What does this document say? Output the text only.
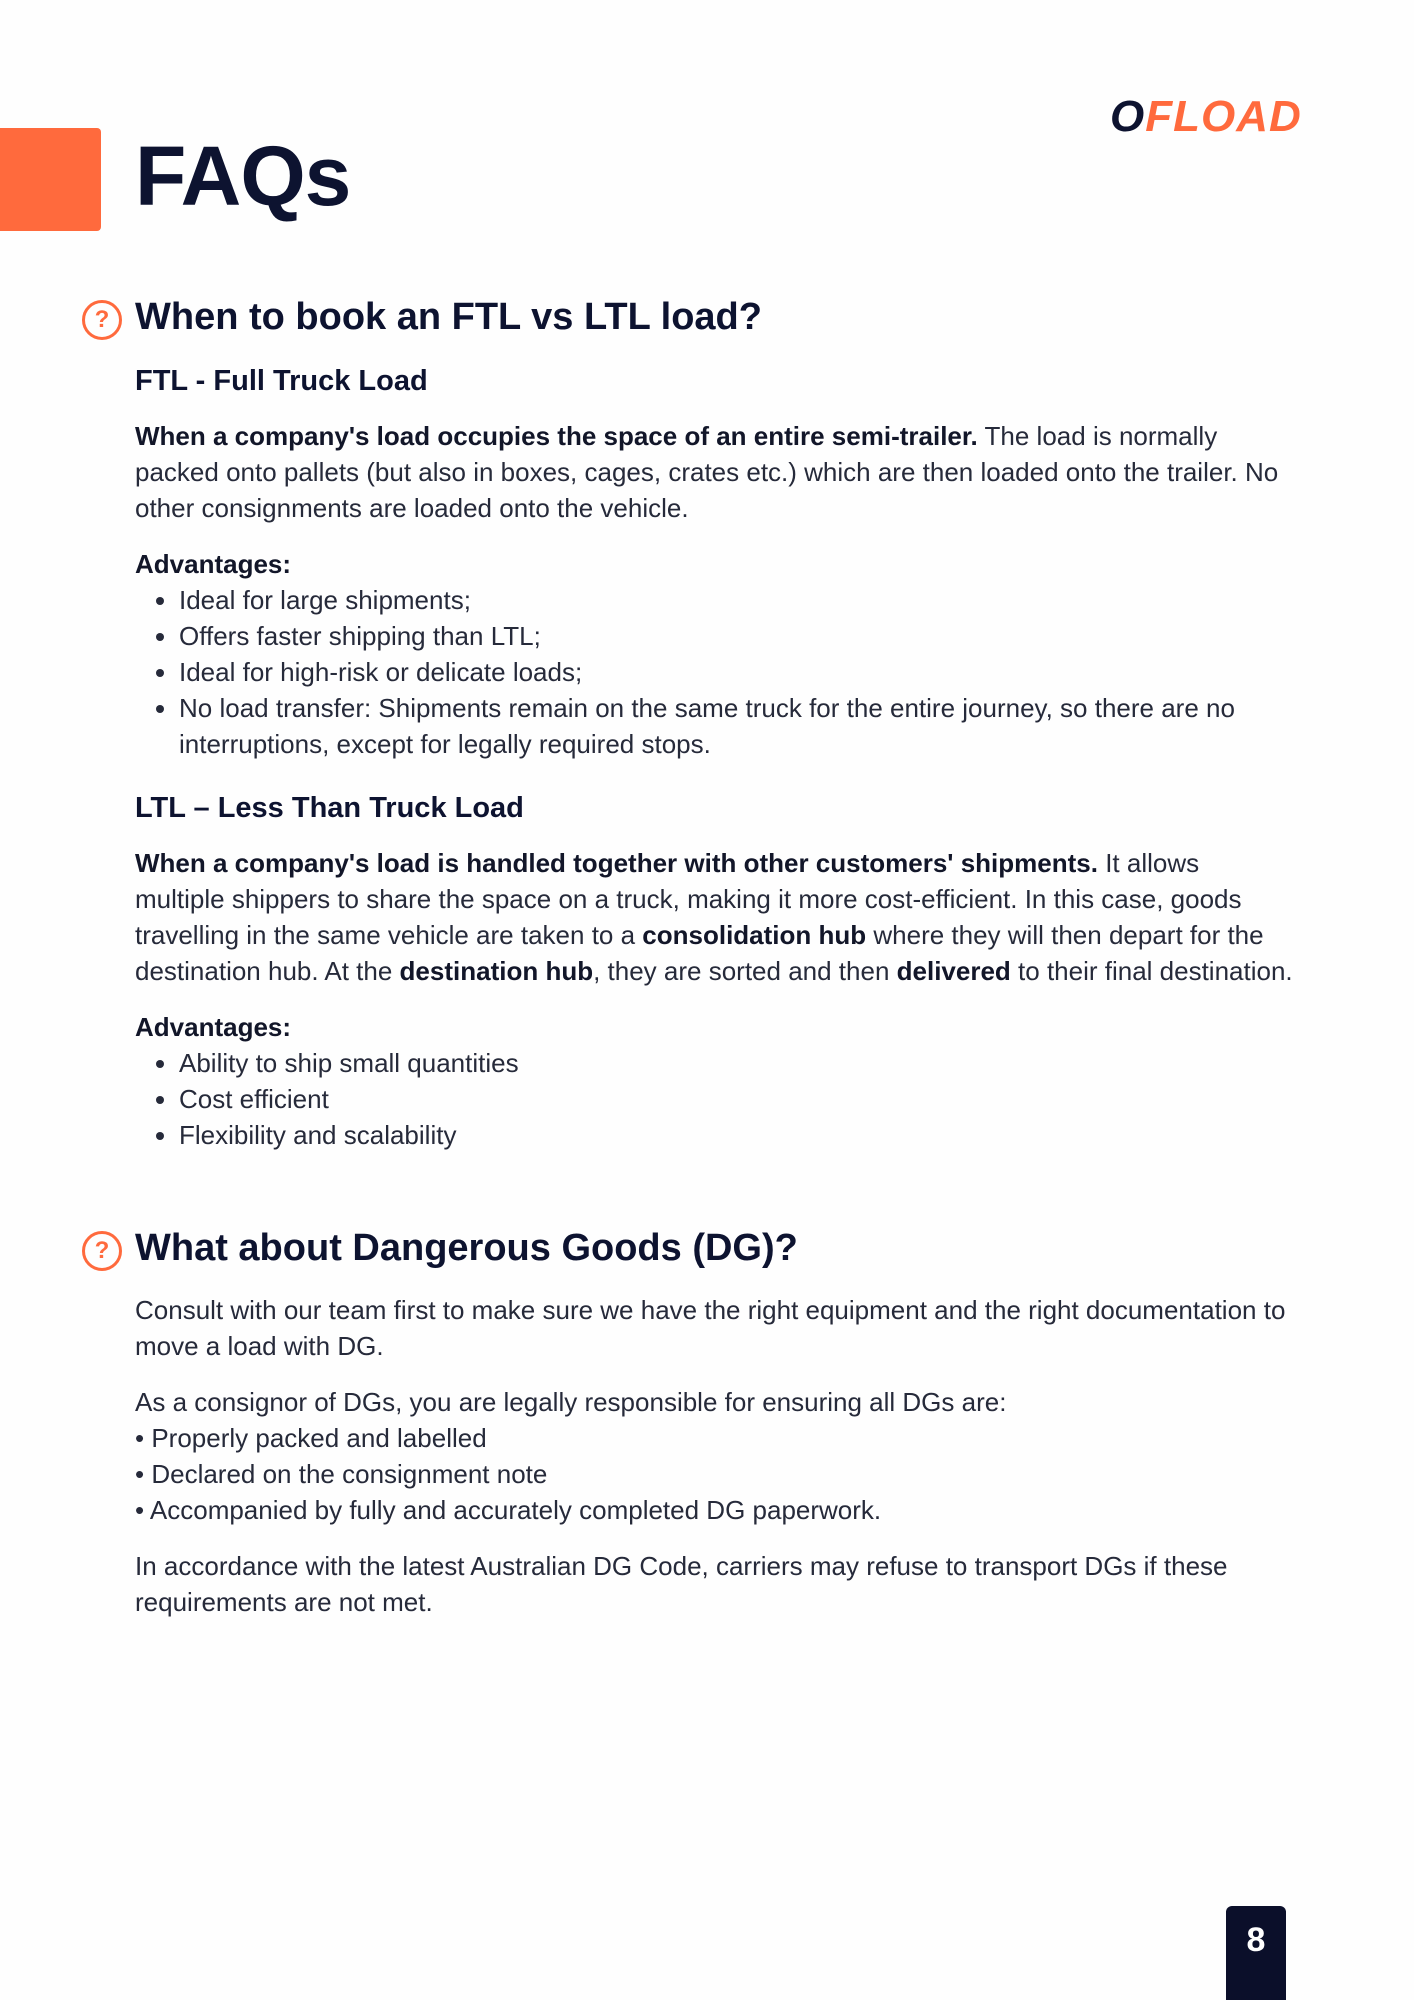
FAQs
OFLOAD
? When to book an FTL vs LTL load?
FTL - Full Truck Load

When a company's load occupies the space of an entire semi-trailer. The load is normally packed onto pallets (but also in boxes, cages, crates etc.) which are then loaded onto the trailer. No other consignments are loaded onto the vehicle.

Advantages:
• Ideal for large shipments;
• Offers faster shipping than LTL;
• Ideal for high-risk or delicate loads;
• No load transfer: Shipments remain on the same truck for the entire journey, so there are no interruptions, except for legally required stops.
LTL – Less Than Truck Load

When a company's load is handled together with other customers' shipments. It allows multiple shippers to share the space on a truck, making it more cost-efficient. In this case, goods travelling in the same vehicle are taken to a consolidation hub where they will then depart for the destination hub. At the destination hub, they are sorted and then delivered to their final destination.

Advantages:
• Ability to ship small quantities
• Cost efficient
• Flexibility and scalability
? What about Dangerous Goods (DG)?

Consult with our team first to make sure we have the right equipment and the right documentation to move a load with DG.

As a consignor of DGs, you are legally responsible for ensuring all DGs are:

• Properly packed and labelled
• Declared on the consignment note
• Accompanied by fully and accurately completed DG paperwork.

In accordance with the latest Australian DG Code, carriers may refuse to transport DGs if these requirements are not met.

8
